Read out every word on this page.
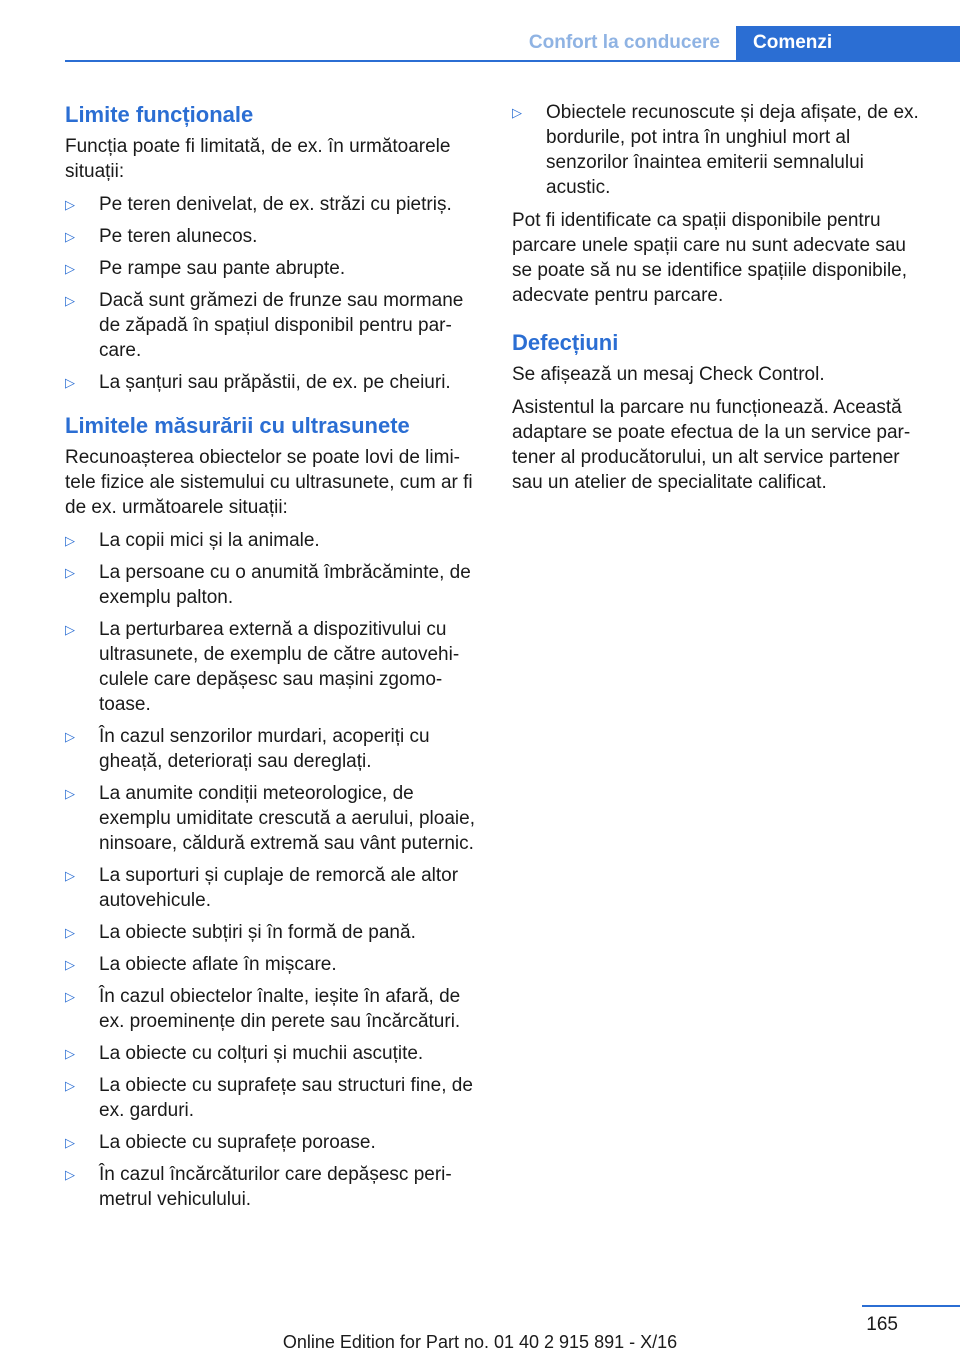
Confort la conducere	Comenzi
Limite funcționale

Funcția poate fi limitată, de ex. în următoarele situații:

▷ Pe teren denivelat, de ex. străzi cu pietriș.
▷ Pe teren alunecos.
▷ Pe rampe sau pante abrupte.
▷ Dacă sunt grămezi de frunze sau mormane de zăpadă în spațiul disponibil pentru par-care.
▷ La șanțuri sau prăpăstii, de ex. pe cheiuri.
Limitele măsurării cu ultrasunete

Recunoașterea obiectelor se poate lovi de limi-tele fizice ale sistemului cu ultrasunete, cum ar fi de ex. următoarele situații:

▷ La copii mici și la animale.
▷ La persoane cu o anumită îmbrăcăminte, de exemplu palton.
▷ La perturbarea externă a dispozitivului cu ultrasunete, de exemplu de către autovehi-culele care depășesc sau mașini zgomo-toase.
▷ În cazul senzorilor murdari, acoperiți cu gheață, deteriorați sau dereglați.
▷ La anumite condiții meteorologice, de exemplu umiditate crescută a aerului, ploaie, ninsoare, căldură extremă sau vânt puternic.
▷ La suporturi și cuplaje de remorcă ale altor autovehicule.
▷ La obiecte subțiri și în formă de pană.
▷ La obiecte aflate în mișcare.
▷ În cazul obiectelor înalte, ieșite în afară, de ex. proeminențe din perete sau încărcături.
▷ La obiecte cu colțuri și muchii ascuțite.
▷ La obiecte cu suprafețe sau structuri fine, de ex. garduri.
▷ La obiecte cu suprafețe poroase.
▷ În cazul încărcăturilor care depășesc peri-metrul vehiculului.
▷ Obiectele recunoscute și deja afișate, de ex. bordurile, pot intra în unghiul mort al senzorilor înaintea emiterii semnalului acustic.

Pot fi identificate ca spații disponibile pentru parcare unele spații care nu sunt adecvate sau se poate să nu se identifice spațiile disponibile, adecvate pentru parcare.

Defecțiuni

Se afișează un mesaj Check Control.

Asistentul la parcare nu funcționează. Această adaptare se poate efectua de la un service par-tener al producătorului, un alt service partener sau un atelier de specialitate calificat.

165
Online Edition for Part no. 01 40 2 915 891 - X/16
